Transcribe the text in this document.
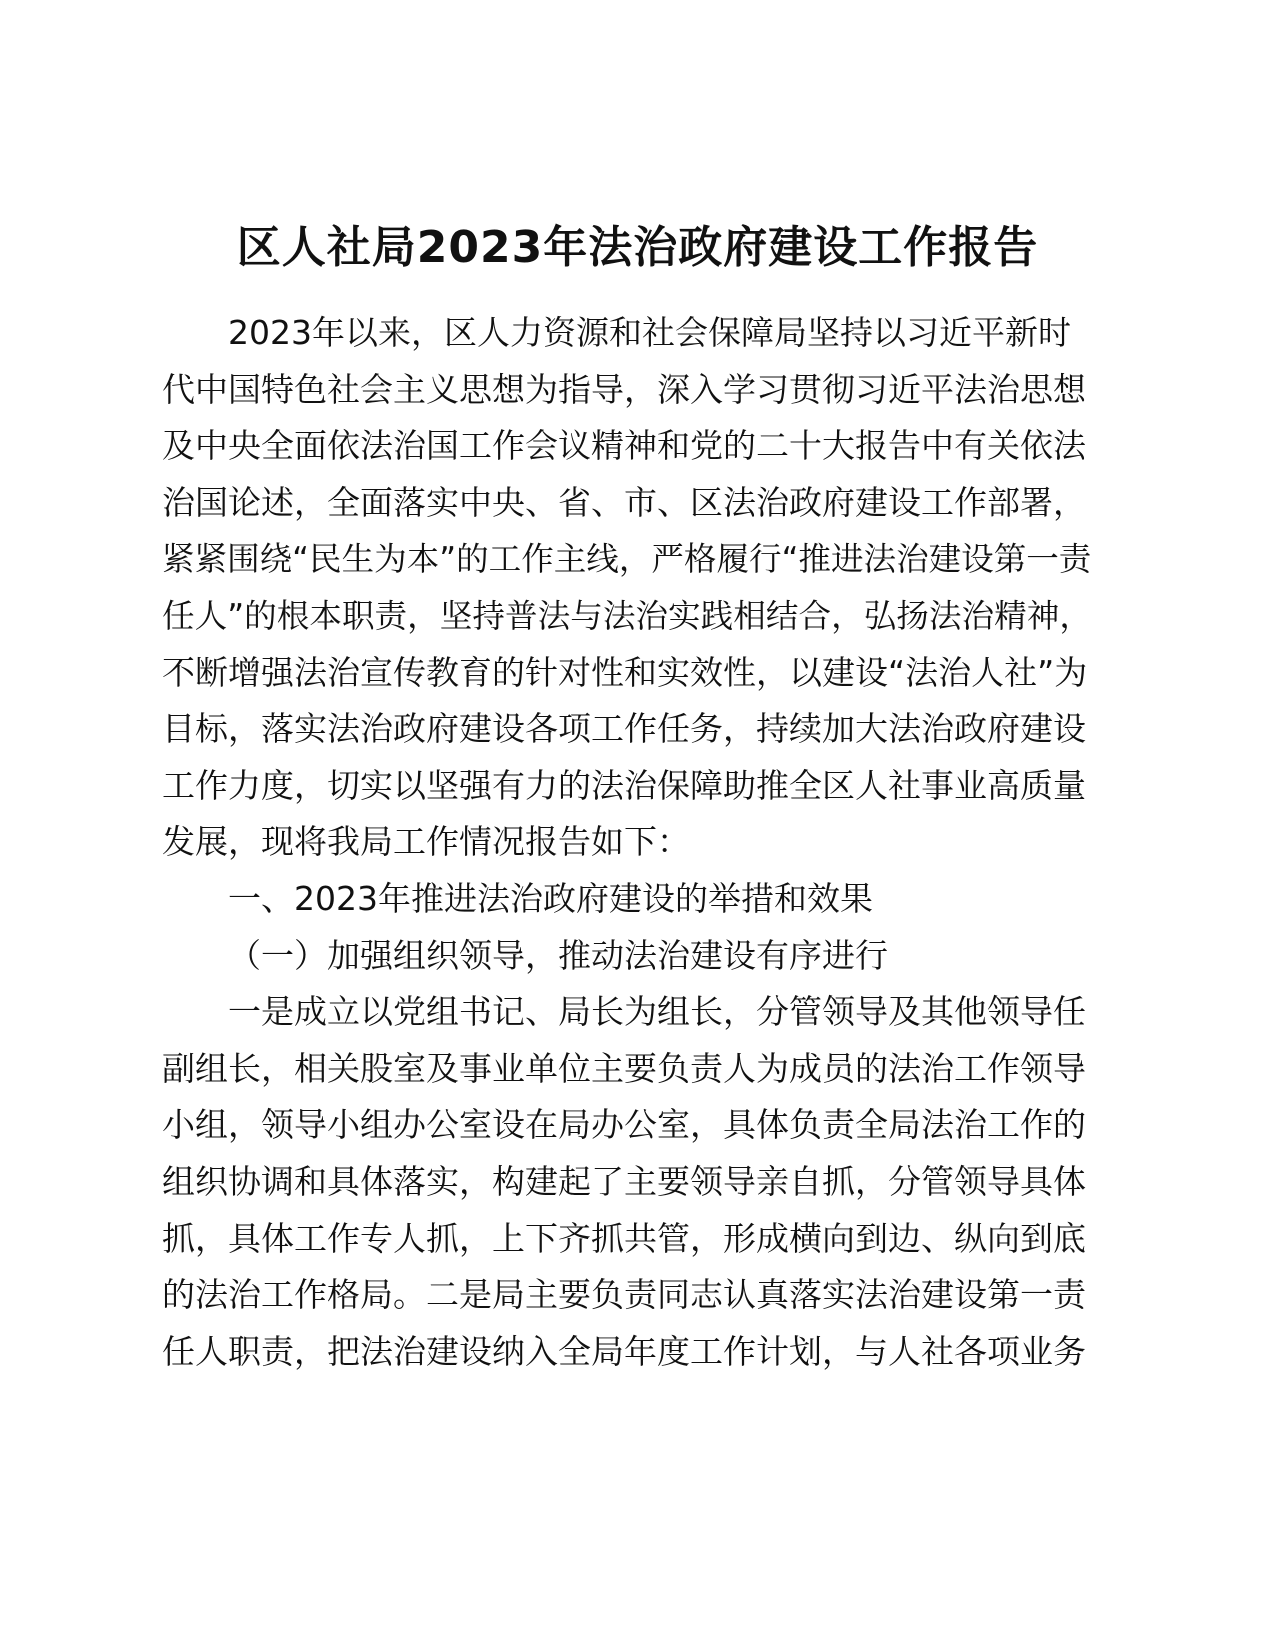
区人社局2023年法治政府建设工作报告
2023年以来，区人力资源和社会保障局坚持以习近平新时
代中国特色社会主义思想为指导，深入学习贯彻习近平法治思想
及中央全面依法治国工作会议精神和党的二十大报告中有关依法
治国论述，全面落实中央、省、市、区法治政府建设工作部署，
紧紧围绕“民生为本”的工作主线，严格履行“推进法治建设第一责
任人”的根本职责，坚持普法与法治实践相结合，弘扬法治精神，
不断增强法治宣传教育的针对性和实效性，以建设“法治人社”为
目标，落实法治政府建设各项工作任务，持续加大法治政府建设
工作力度，切实以坚强有力的法治保障助推全区人社事业高质量
发展，现将我局工作情况报告如下：
一、2023年推进法治政府建设的举措和效果
（一）加强组织领导，推动法治建设有序进行
一是成立以党组书记、局长为组长，分管领导及其他领导任
副组长，相关股室及事业单位主要负责人为成员的法治工作领导
小组，领导小组办公室设在局办公室，具体负责全局法治工作的
组织协调和具体落实，构建起了主要领导亲自抓，分管领导具体
抓，具体工作专人抓，上下齐抓共管，形成横向到边、纵向到底
的法治工作格局。二是局主要负责同志认真落实法治建设第一责
任人职责，把法治建设纳入全局年度工作计划，与人社各项业务
